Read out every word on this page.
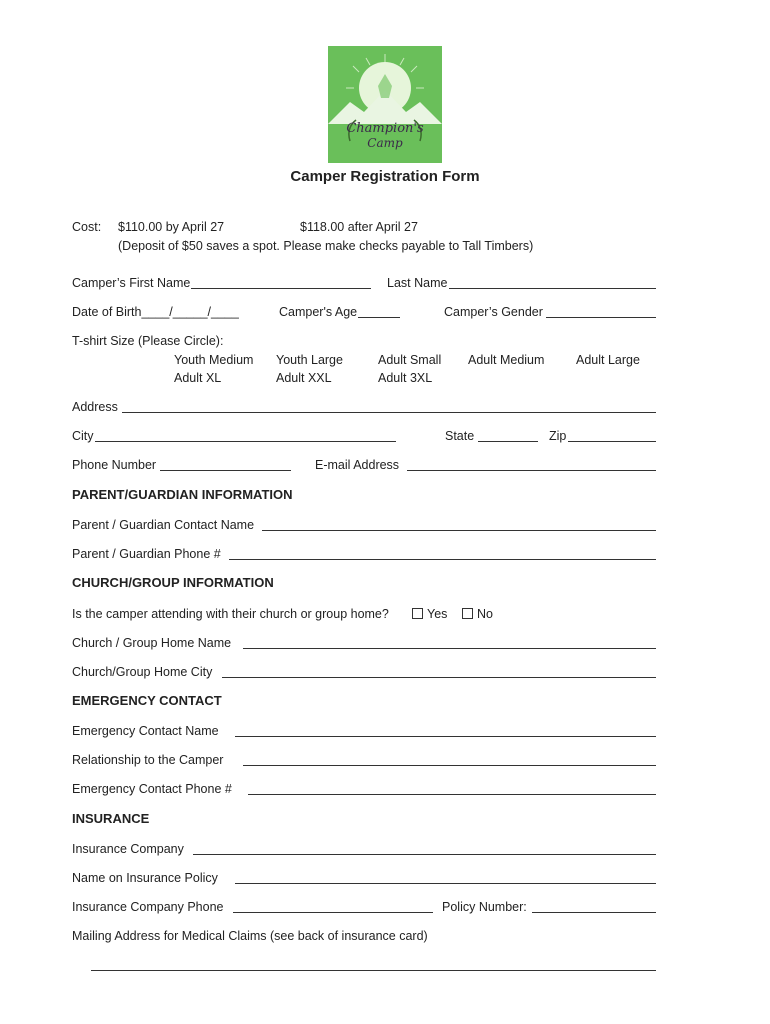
Champion's
Camp
Camper Registration Form
Cost: $110.00 by April 27	$118.00 after April 27
(Deposit of $50 saves a spot. Please make checks payable to Tall Timbers)
Camper’s First Name	Last Name
Date of Birth____/_____/____	Camper's Age	Camper’s Gender
T-shirt Size (Please Circle):
Youth Medium Youth Large	Adult Small Adult Medium	Adult Large
Adult XL	Adult XXL	Adult 3XL
Address
City	State	Zip
Phone Number	E-mail Address
PARENT/GUARDIAN INFORMATION
Parent / Guardian Contact Name
Parent / Guardian Phone #
CHURCH/GROUP INFORMATION
Is the camper attending with their church or group home?	Yes	No
Church / Group Home Name
Church/Group Home City
EMERGENCY CONTACT
Emergency Contact Name
Relationship to the Camper
Emergency Contact Phone #
INSURANCE
Insurance Company
Name on Insurance Policy
Insurance Company Phone	Policy Number:
Mailing Address for Medical Claims (see back of insurance card)
